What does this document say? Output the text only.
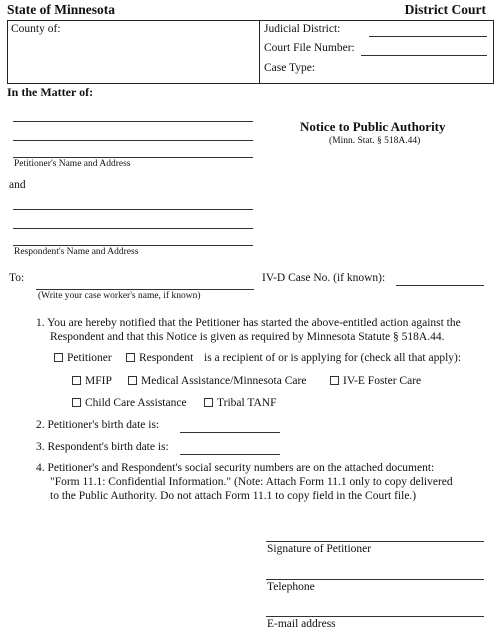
State of Minnesota	District Court
County of:	Judicial District:
Court File Number:
Case Type:
In the Matter of:
Petitioner's Name and Address
and
Respondent's Name and Address
Notice to Public Authority
(Minn. Stat. § 518A.44)
To:
(Write your case worker's name, if known)
IV-D Case No. (if known):
1. You are hereby notified that the Petitioner has started the above-entitled action against the
Respondent and that this Notice is given as required by Minnesota Statute § 518A.44.
Petitioner	Respondent is a recipient of or is applying for (check all that apply):
MFIP	Medical Assistance/Minnesota Care	IV-E Foster Care
Child Care Assistance	Tribal TANF
2. Petitioner's birth date is:
3. Respondent's birth date is:
4. Petitioner's and Respondent's social security numbers are on the attached document:
"Form 11.1: Confidential Information." (Note: Attach Form 11.1 only to copy delivered
to the Public Authority. Do not attach Form 11.1 to copy field in the Court file.)
Signature of Petitioner
Telephone
E-mail address
